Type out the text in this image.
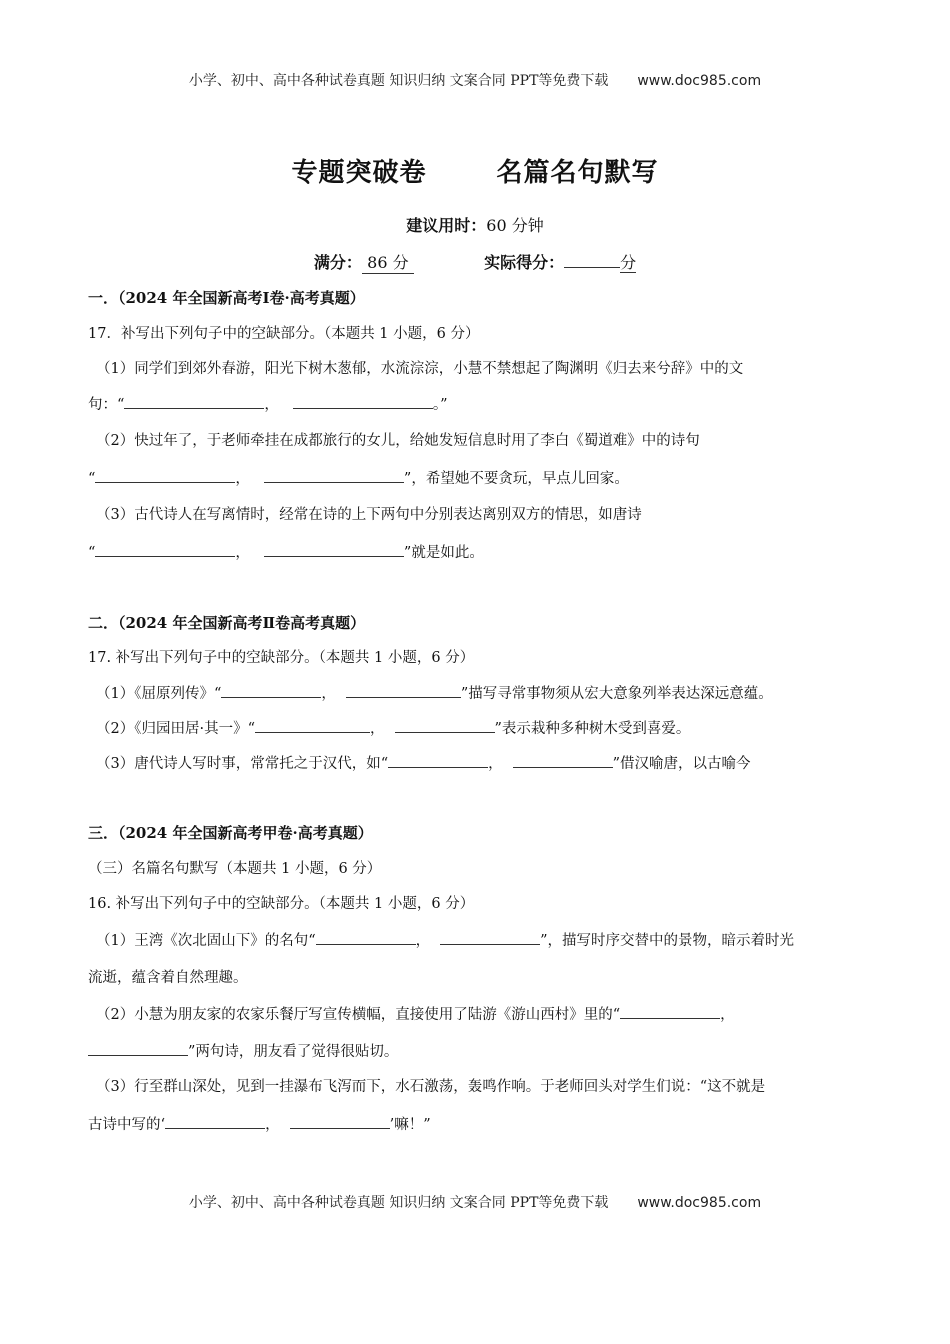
小学、初中、高中各种试卷真题 知识归纳 文案合同 PPT等免费下载 www.doc985.com
专题突破卷	名篇名句默写
建议用时：60 分钟
满分： 86 分	实际得分：	分
一．（2024 年全国新高考Ⅰ卷·高考真题）
17．补写出下列句子中的空缺部分。（本题共 1 小题，6 分）
（1）同学们到郊外春游，阳光下树木葱郁，水流淙淙，小慧不禁想起了陶渊明《归去来兮辞》中的文
句：“	，	。”
（2）快过年了，于老师牵挂在成都旅行的女儿，给她发短信息时用了李白《蜀道难》中的诗句
“	，	”，希望她不要贪玩，早点儿回家。
（3）古代诗人在写离情时，经常在诗的上下两句中分别表达离别双方的情思，如唐诗
“	，	”就是如此。
二．（2024 年全国新高考Ⅱ卷高考真题）
17. 补写出下列句子中的空缺部分。（本题共 1 小题，6 分）
（1）《屈原列传》“	，	”描写寻常事物须从宏大意象列举表达深远意蕴。
（2）《归园田居·其一》“	，	”表示栽种多种树木受到喜爱。
（3）唐代诗人写时事，常常托之于汉代，如“	，	”借汉喻唐，以古喻今
三．（2024 年全国新高考甲卷·高考真题）
（三）名篇名句默写（本题共 1 小题，6 分）
16. 补写出下列句子中的空缺部分。（本题共 1 小题，6 分）
（1）王湾《次北固山下》的名句“	，	”，描写时序交替中的景物，暗示着时光
流逝，蕴含着自然理趣。
（2）小慧为朋友家的农家乐餐厅写宣传横幅，直接使用了陆游《游山西村》里的“	，
”两句诗，朋友看了觉得很贴切。
（3）行至群山深处，见到一挂瀑布飞泻而下，水石激荡，轰鸣作响。于老师回头对学生们说：“这不就是
古诗中写的‘	，	’嘛！”
小学、初中、高中各种试卷真题 知识归纳 文案合同 PPT等免费下载 www.doc985.com
